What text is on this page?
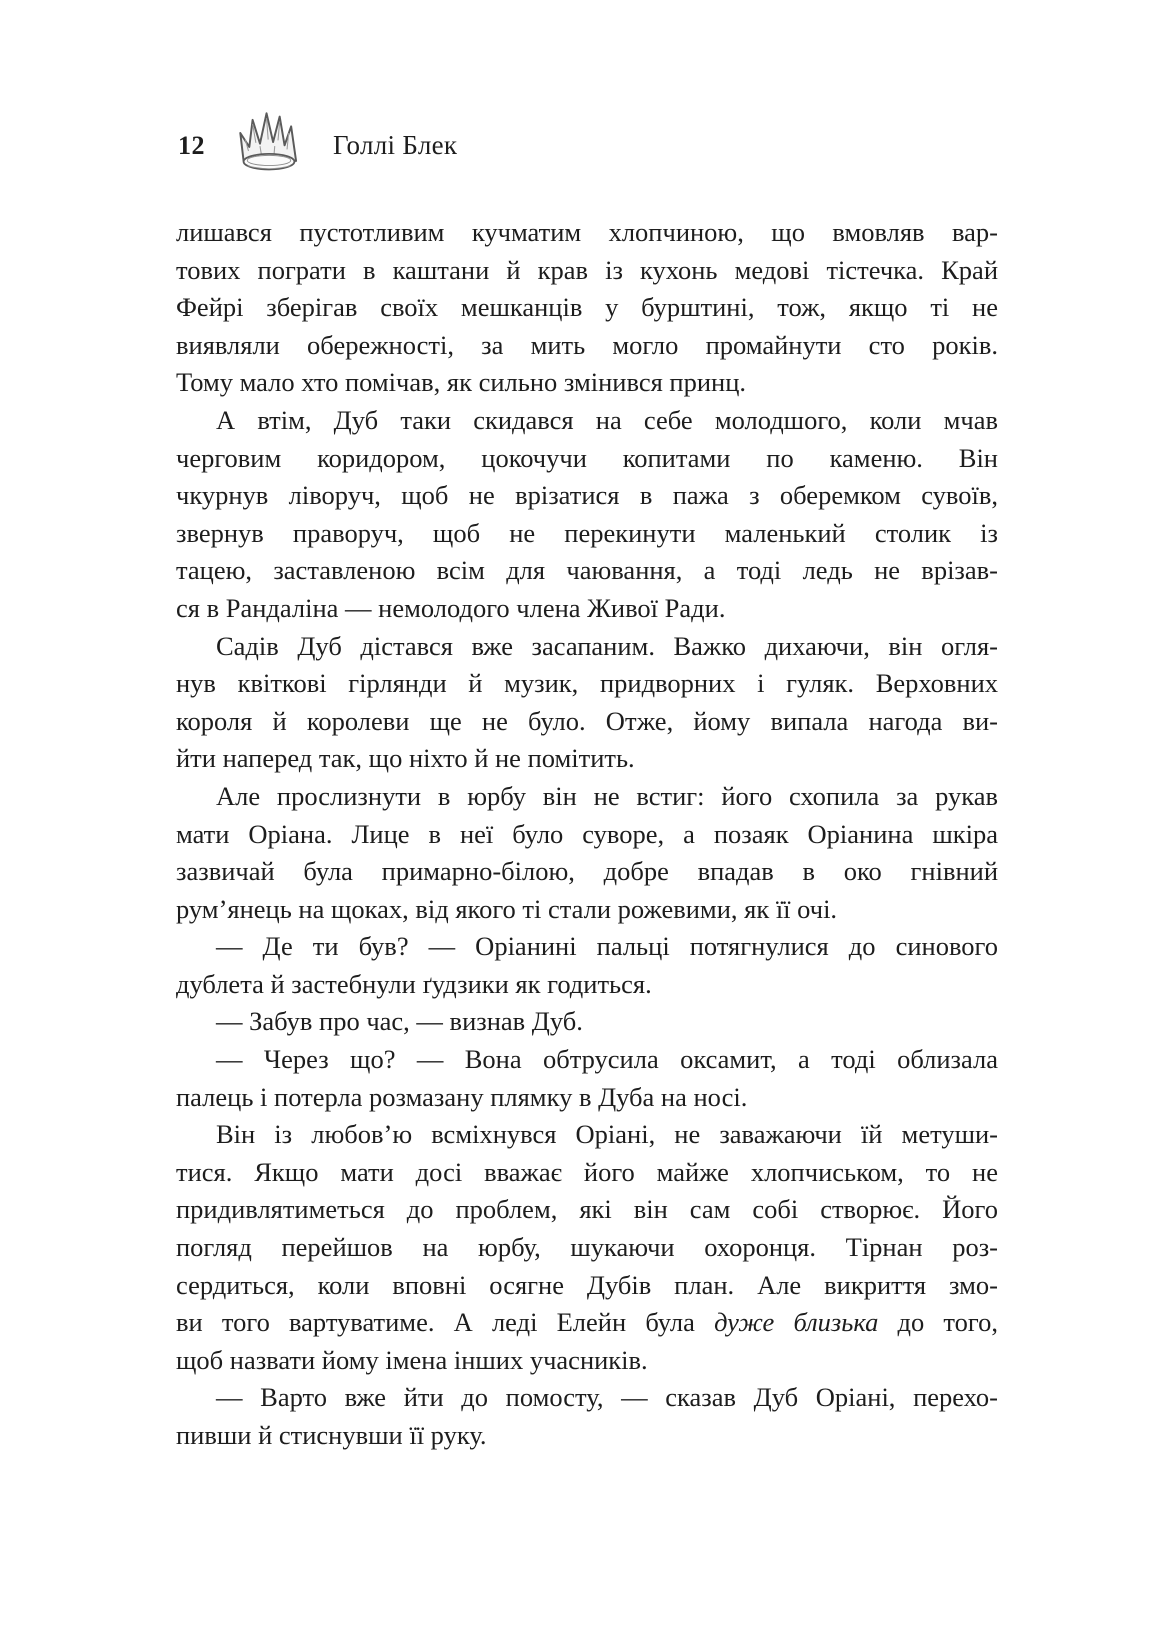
12	Голлі Блек
лишався пустотливим кучматим хлопчиною, що вмовляв вар-
тових пограти в каштани й крав із кухонь медові тістечка. Край
Фейрі зберігав своїх мешканців у бурштині, тож, якщо ті не
виявляли обережності, за мить могло промайнути сто років.
Тому мало хто помічав, як сильно змінився принц.
А втім, Дуб таки скидався на себе молодшого, коли мчав
черговим коридором, цокочучи копитами по каменю. Він
чкурнув ліворуч, щоб не врізатися в пажа з оберемком сувоїв,
звернув праворуч, щоб не перекинути маленький столик із
тацею, заставленою всім для чаювання, а тоді ледь не врізав-
ся в Рандаліна — немолодого члена Живої Ради.
Садів Дуб дістався вже засапаним. Важко дихаючи, він огля-
нув квіткові гірлянди й музик, придворних і гуляк. Верховних
короля й королеви ще не було. Отже, йому випала нагода ви-
йти наперед так, що ніхто й не помітить.
Але прослизнути в юрбу він не встиг: його схопила за рукав
мати Оріана. Лице в неї було суворе, а позаяк Оріанина шкіра
зазвичай була примарно-білою, добре впадав в око гнівний
рум’янець на щоках, від якого ті стали рожевими, як її очі.
— Де ти був? — Оріанині пальці потягнулися до синового
дублета й застебнули ґудзики як годиться.
— Забув про час, — визнав Дуб.
— Через що? — Вона обтрусила оксамит, а тоді облизала
палець і потерла розмазану плямку в Дуба на носі.
Він із любов’ю всміхнувся Оріані, не заважаючи їй метуши-
тися. Якщо мати досі вважає його майже хлопчиськом, то не
придивлятиметься до проблем, які він сам собі створює. Його
погляд перейшов на юрбу, шукаючи охоронця. Тірнан роз-
сердиться, коли вповні осягне Дубів план. Але викриття змо-
ви того вартуватиме. А леді Елейн була дуже близька до того,
щоб назвати йому імена інших учасників.
— Варто вже йти до помосту, — сказав Дуб Оріані, перехо-
пивши й стиснувши її руку.
